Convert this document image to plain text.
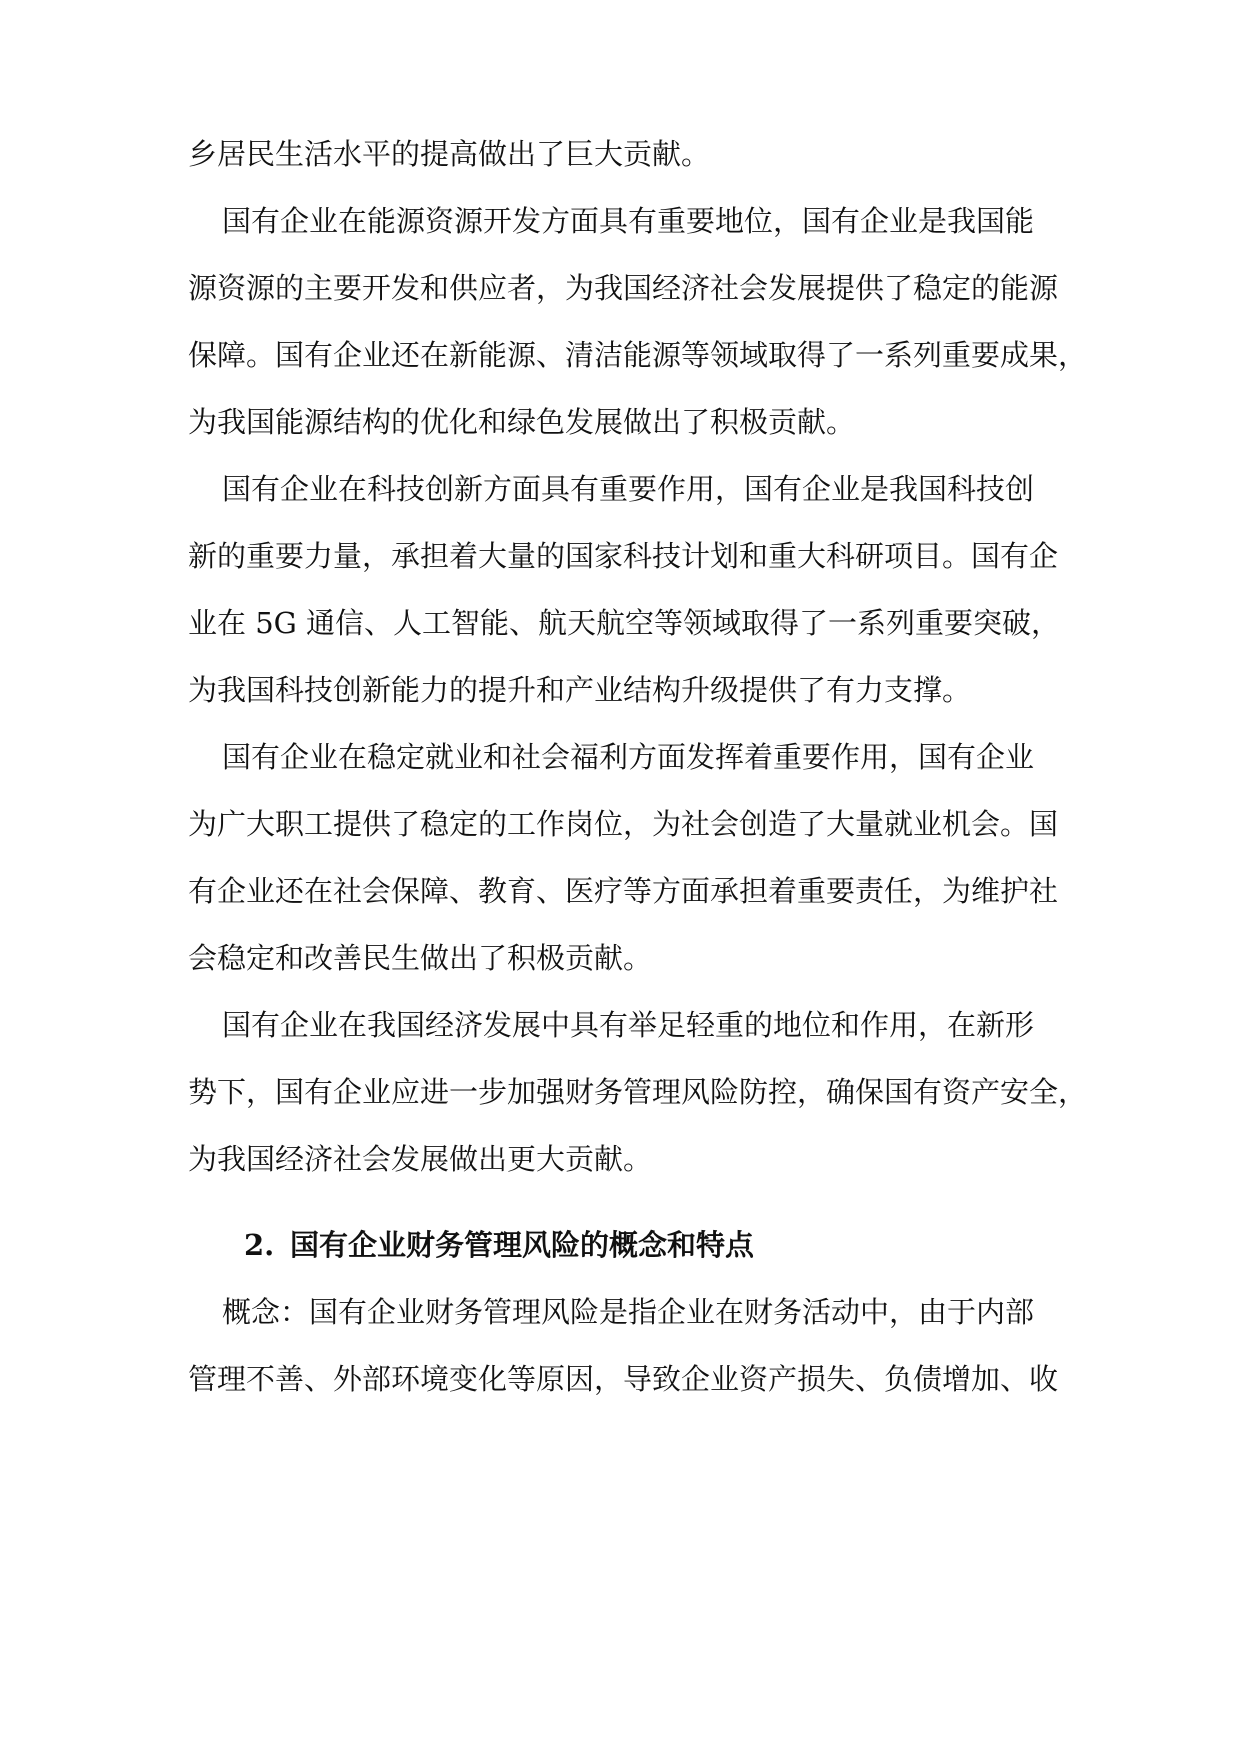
乡居民生活水平的提高做出了巨大贡献。
国有企业在能源资源开发方面具有重要地位，国有企业是我国能
源资源的主要开发和供应者，为我国经济社会发展提供了稳定的能源
保障。国有企业还在新能源、清洁能源等领域取得了一系列重要成果，
为我国能源结构的优化和绿色发展做出了积极贡献。
国有企业在科技创新方面具有重要作用，国有企业是我国科技创
新的重要力量，承担着大量的国家科技计划和重大科研项目。国有企
业在 5G 通信、人工智能、航天航空等领域取得了一系列重要突破，
为我国科技创新能力的提升和产业结构升级提供了有力支撑。
国有企业在稳定就业和社会福利方面发挥着重要作用，国有企业
为广大职工提供了稳定的工作岗位，为社会创造了大量就业机会。国
有企业还在社会保障、教育、医疗等方面承担着重要责任，为维护社
会稳定和改善民生做出了积极贡献。
国有企业在我国经济发展中具有举足轻重的地位和作用，在新形
势下，国有企业应进一步加强财务管理风险防控，确保国有资产安全，
为我国经济社会发展做出更大贡献。
2. 国有企业财务管理风险的概念和特点
概念：国有企业财务管理风险是指企业在财务活动中，由于内部
管理不善、外部环境变化等原因，导致企业资产损失、负债增加、收
